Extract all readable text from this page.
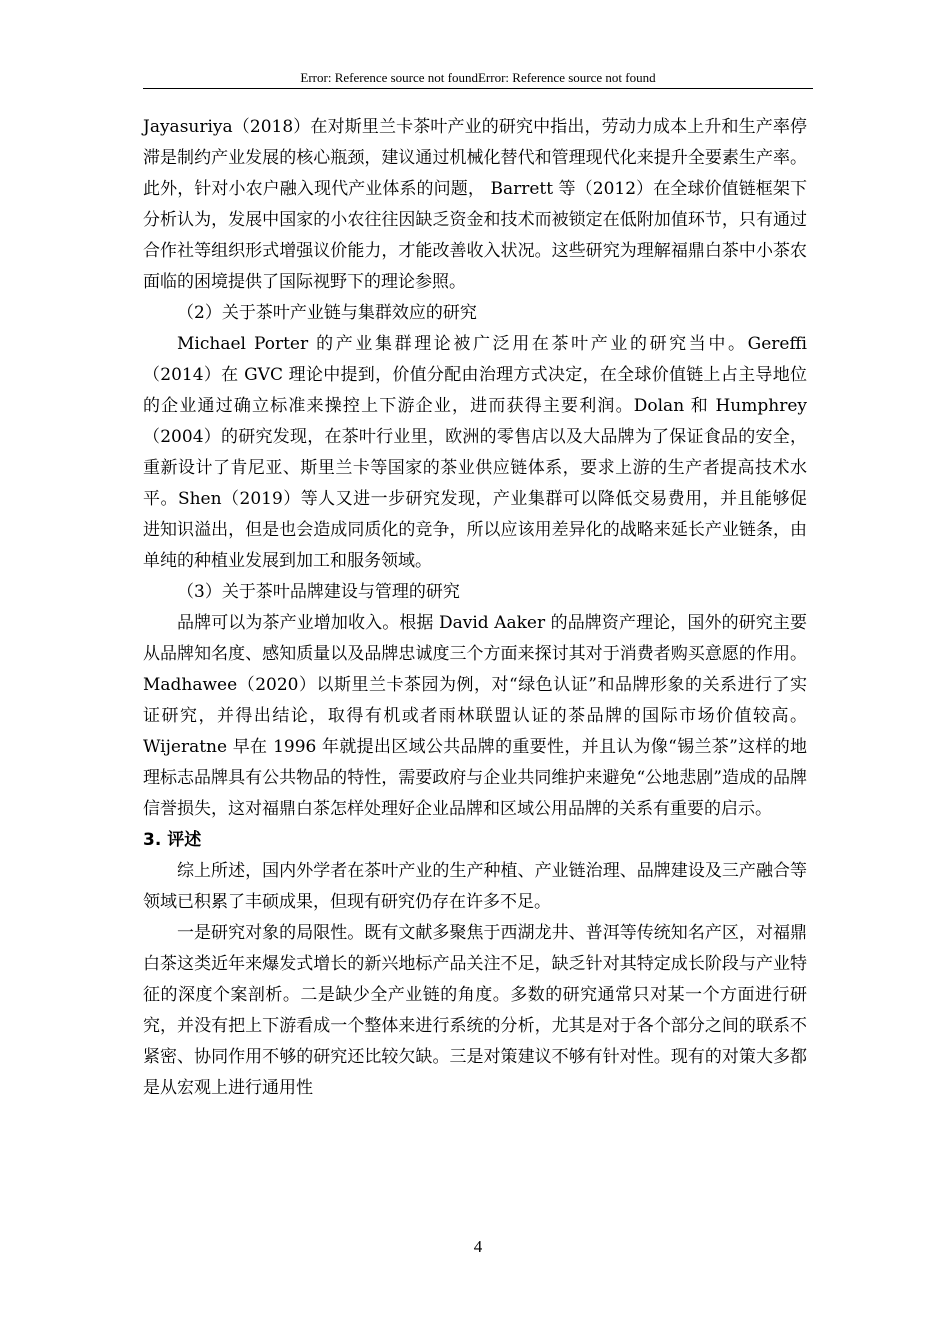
Error: Reference source not foundError: Reference source not found

Jayasuriya（2018）在对斯里兰卡茶叶产业的研究中指出，劳动力成本上升和生产率停滞是制约产业发展的核心瓶颈，建议通过机械化替代和管理现代化来提升全要素生产率。此外，针对小农户融入现代产业体系的问题， Barrett 等（2012）在全球价值链框架下分析认为，发展中国家的小农往往因缺乏资金和技术而被锁定在低附加值环节，只有通过合作社等组织形式增强议价能力，才能改善收入状况。这些研究为理解福鼎白茶中小茶农面临的困境提供了国际视野下的理论参照。

（2）关于茶叶产业链与集群效应的研究

Michael Porter 的产业集群理论被广泛用在茶叶产业的研究当中。Gereffi（2014）在 GVC 理论中提到，价值分配由治理方式决定，在全球价值链上占主导地位的企业通过确立标准来操控上下游企业，进而获得主要利润。Dolan 和 Humphrey（2004）的研究发现，在茶叶行业里，欧洲的零售店以及大品牌为了保证食品的安全，重新设计了肯尼亚、斯里兰卡等国家的茶业供应链体系，要求上游的生产者提高技术水平。Shen（2019）等人又进一步研究发现，产业集群可以降低交易费用，并且能够促进知识溢出，但是也会造成同质化的竞争，所以应该用差异化的战略来延长产业链条，由单纯的种植业发展到加工和服务领域。

（3）关于茶叶品牌建设与管理的研究

品牌可以为茶产业增加收入。根据 David Aaker 的品牌资产理论，国外的研究主要从品牌知名度、感知质量以及品牌忠诚度三个方面来探讨其对于消费者购买意愿的作用。Madhawee（2020）以斯里兰卡茶园为例，对“绿色认证”和品牌形象的关系进行了实证研究，并得出结论，取得有机或者雨林联盟认证的茶品牌的国际市场价值较高。Wijeratne 早在 1996 年就提出区域公共品牌的重要性，并且认为像“锡兰茶”这样的地理标志品牌具有公共物品的特性，需要政府与企业共同维护来避免“公地悲剧”造成的品牌信誉损失，这对福鼎白茶怎样处理好企业品牌和区域公用品牌的关系有重要的启示。

3. 评述

综上所述，国内外学者在茶叶产业的生产种植、产业链治理、品牌建设及三产融合等领域已积累了丰硕成果，但现有研究仍存在许多不足。

一是研究对象的局限性。既有文献多聚焦于西湖龙井、普洱等传统知名产区，对福鼎白茶这类近年来爆发式增长的新兴地标产品关注不足，缺乏针对其特定成长阶段与产业特征的深度个案剖析。二是缺少全产业链的角度。多数的研究通常只对某一个方面进行研究，并没有把上下游看成一个整体来进行系统的分析，尤其是对于各个部分之间的联系不紧密、协同作用不够的研究还比较欠缺。三是对策建议不够有针对性。现有的对策大多都是从宏观上进行通用性

4
